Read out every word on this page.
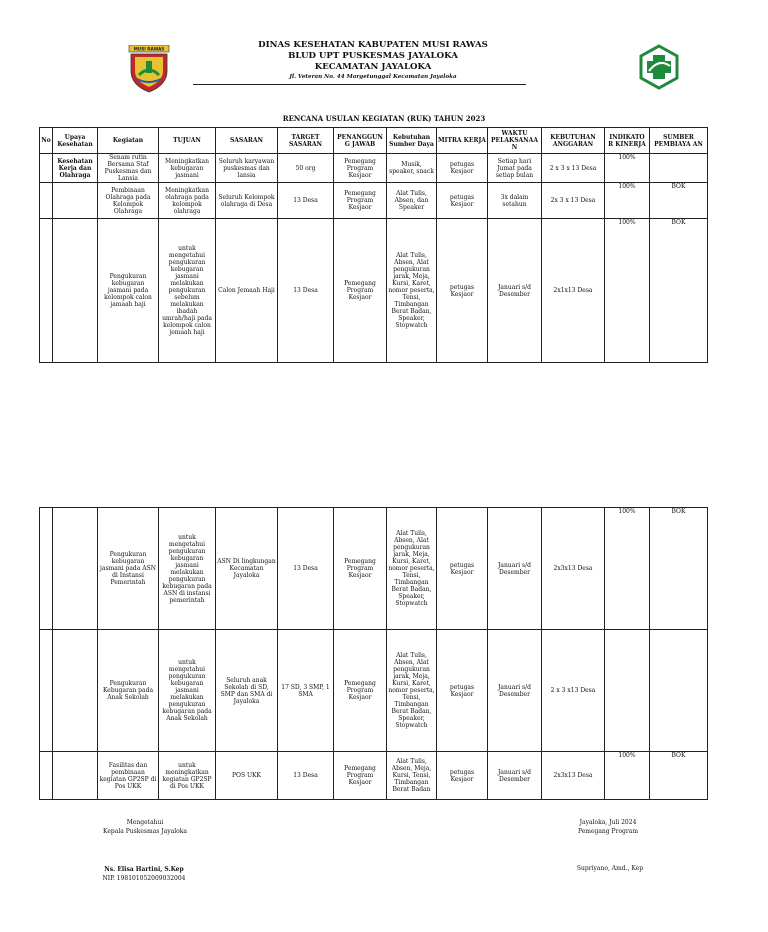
MUSI RAWAS	DINAS KESEHATAN KABUPATEN MUSI RAWAS
BLUD UPT PUSKESMAS JAYALOKA
KECAMATAN JAYALOKA
Jl. Veteran No. 44 Margetunggal Kecamatan Jayaloka
RENCANA USULAN KEGIATAN (RUK) TAHUN 2023
No	Upaya Kesehatan	Kegiatan	TUJUAN	SASARAN	TARGET SASARAN	PENANGGUN G JAWAB	Kebutuhan Sumber Daya	MITRA KERJA	WAKTU PELAKSANAA N	KEBUTUHAN ANGGARAN	INDIKATO R KINERJA	SUMBER PEMBIAYA AN
	Kesehatan Kerja dan Olahraga	Senam rutin Bersama Staf Puskesmas dan Lansia	Meningkatkan kebugaran jasmani	Seluruh karyawan puskesmas dan lansia	50 org	Pemegang Program Kesjaor	Musik, speaker, snack	petugas Kesjaor	Setiap hari Jumat pada setiap bulan	2 x 3 x 13 Desa	100%	
		Pembinaan Olahraga pada Kelompok Olahraga	Meningkatkan olahraga pada kelompok olahraga	Seluruh Kelompok olahraga di Desa	13 Desa	Pemegang Program Kesjaor	Alat Tulis, Absen, dan Speaker	petugas Kesjaor	3x dalam setahun	2x 3 x 13 Desa	100%	BOK
		Pengukuran kebugaran jasmani pada kelompok calon jamaah haji	untuk mengetahui pengukuran kebugaran jasmani melakukan pengukuran sebelum melakukan ibadah umrah/haji pada kelompok calon jemaah haji	Calon Jemaah Haji	13 Desa	Pemegang Program Kesjaor	Alat Tulis, Absen, Alat pengukuran jarak, Meja, Kursi, Karet, nomor peserta, Tensi, Timbangan Berat Badan, Speaker, Stopwatch	petugas Kesjaor	Januari s/d Desember	2x1x13 Desa	100%	BOK
		Pengukuran kebugaran jasmani pada ASN di Instansi Pemerintah	untuk mengetahui pengukuran kebugaran jasmani melakukan pengukuran kebugaran pada ASN di instansi pemerintah	ASN Di lingkungan Kecamatan Jayaloka	13 Desa	Pemegang Program Kesjaor	Alat Tulis, Absen, Alat pengukuran jarak, Meja, Kursi, Karet, nomor peserta, Tensi, Timbangan Berat Badan, Speaker, Stopwatch	petugas Kesjaor	Januari s/d Desember	2x3x13 Desa	100%	BOK
		Pengukuran Kebugaran pada Anak Sekolah	untuk mengetahui pengukuran kebugaran jasmani melakukan pengukuran kebugaran pada Anak Sekolah	Seluruh anak Sekolah di SD, SMP dan SMA di Jayaloka	17 SD, 3 SMP, 1 SMA	Pemegang Program Kesjaor	Alat Tulis, Absen, Alat pengukuran jarak, Meja, Kursi, Karet, nomor peserta, Tensi, Timbangan Berat Badan, Speaker, Stopwatch	petugas Kesjaor	Januari s/d Desember	2 x 3 x13 Desa		
		Fasilitas dan pembinaan kegiatan GP2SP di Pos UKK	untuk meningkatkan kegiatan GP2SP di Pos UKK	POS UKK	13 Desa	Pemegang Program Kesjaor	Alat Tulis, Absen, Meja, Kursi, Tensi, Timbangan Berat Badan	petugas Kesjaor	Januari s/d Desember	2x3x13 Desa	100%	BOK
Mengetahui
Kepala Puskesmas Jayaloka
Jayaloka, Juli 2024
Pemegang Program
Ns. Elisa Hartini, S.Kep
NIP. 198101052009032004
Supriyano, Amd., Kep
